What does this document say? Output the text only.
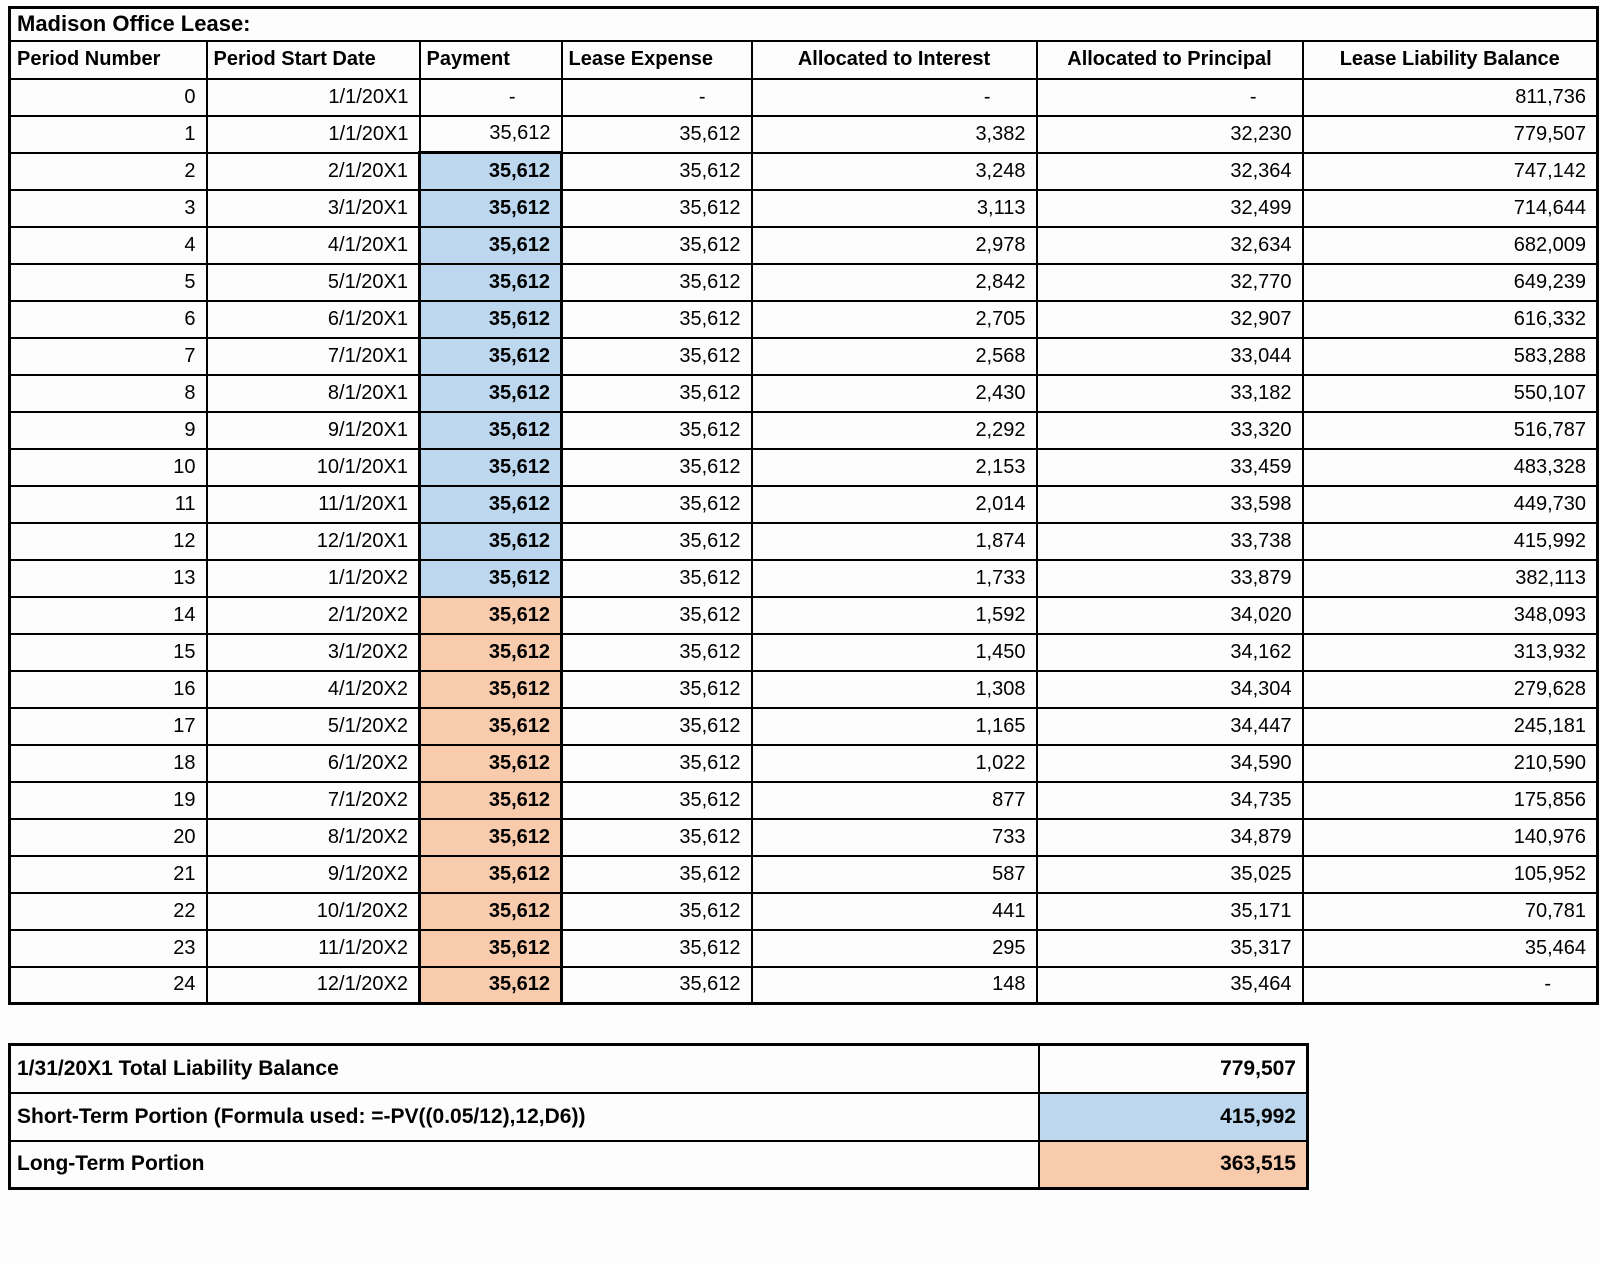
Madison Office Lease:						
Period Number	Period Start Date	Payment	Lease Expense	Allocated to Interest	Allocated to Principal	Lease Liability Balance
0	1/1/20X1	-	-	-	-	811,736
1	1/1/20X1	35,612	35,612	3,382	32,230	779,507
2	2/1/20X1	35,612	35,612	3,248	32,364	747,142
3	3/1/20X1	35,612	35,612	3,113	32,499	714,644
4	4/1/20X1	35,612	35,612	2,978	32,634	682,009
5	5/1/20X1	35,612	35,612	2,842	32,770	649,239
6	6/1/20X1	35,612	35,612	2,705	32,907	616,332
7	7/1/20X1	35,612	35,612	2,568	33,044	583,288
8	8/1/20X1	35,612	35,612	2,430	33,182	550,107
9	9/1/20X1	35,612	35,612	2,292	33,320	516,787
10	10/1/20X1	35,612	35,612	2,153	33,459	483,328
11	11/1/20X1	35,612	35,612	2,014	33,598	449,730
12	12/1/20X1	35,612	35,612	1,874	33,738	415,992
13	1/1/20X2	35,612	35,612	1,733	33,879	382,113
14	2/1/20X2	35,612	35,612	1,592	34,020	348,093
15	3/1/20X2	35,612	35,612	1,450	34,162	313,932
16	4/1/20X2	35,612	35,612	1,308	34,304	279,628
17	5/1/20X2	35,612	35,612	1,165	34,447	245,181
18	6/1/20X2	35,612	35,612	1,022	34,590	210,590
19	7/1/20X2	35,612	35,612	877	34,735	175,856
20	8/1/20X2	35,612	35,612	733	34,879	140,976
21	9/1/20X2	35,612	35,612	587	35,025	105,952
22	10/1/20X2	35,612	35,612	441	35,171	70,781
23	11/1/20X2	35,612	35,612	295	35,317	35,464
24	12/1/20X2	35,612	35,612	148	35,464	-
1/31/20X1 Total Liability Balance	779,507
Short-Term Portion (Formula used: =-PV((0.05/12),12,D6))	415,992
Long-Term Portion	363,515
